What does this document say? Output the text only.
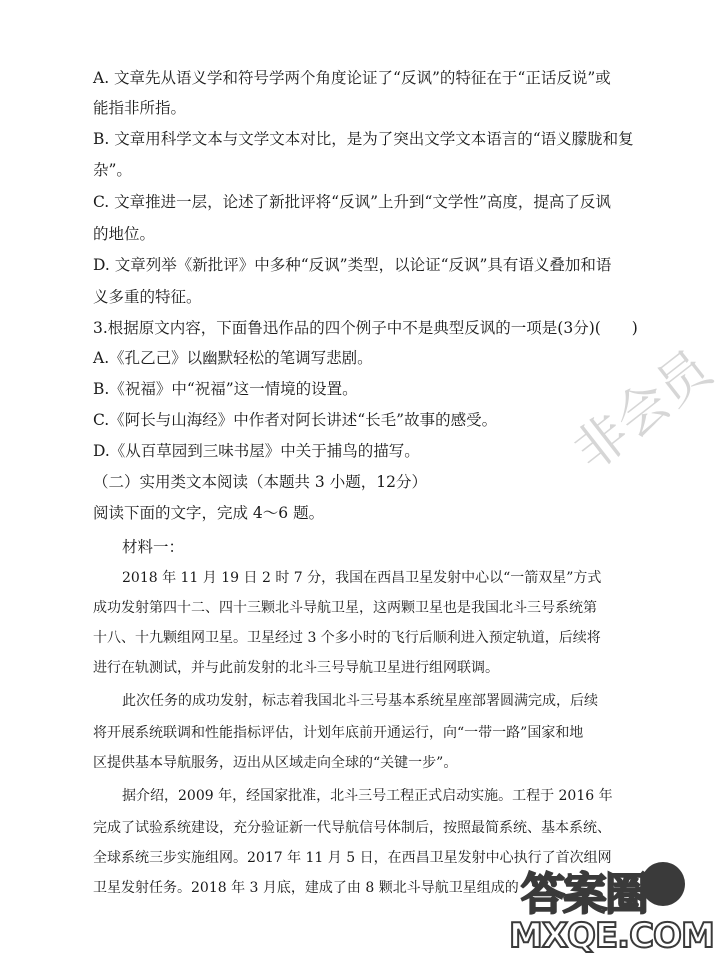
A. 文章先从语义学和符号学两个角度论证了“反讽”的特征在于“正话反说”或
能指非所指。
B. 文章用科学文本与文学文本对比，是为了突出文学文本语言的“语义朦胧和复
杂”。
C. 文章推进一层，论述了新批评将“反讽”上升到“文学性”高度，提高了反讽
的地位。
D. 文章列举《新批评》中多种“反讽”类型，以论证“反讽”具有语义叠加和语
义多重的特征。
3.根据原文内容，下面鲁迅作品的四个例子中不是典型反讽的一项是(3分)(　　)
A.《孔乙己》以幽默轻松的笔调写悲剧。
B.《祝福》中“祝福”这一情境的设置。
C.《阿长与山海经》中作者对阿长讲述“长毛”故事的感受。
D.《从百草园到三味书屋》中关于捕鸟的描写。
（二）实用类文本阅读（本题共 3 小题，12分）
阅读下面的文字，完成 4～6 题。
材料一：
2018 年 11 月 19 日 2 时 7 分，我国在西昌卫星发射中心以“一箭双星”方式
成功发射第四十二、四十三颗北斗导航卫星，这两颗卫星也是我国北斗三号系统第
十八、十九颗组网卫星。卫星经过 3 个多小时的飞行后顺利进入预定轨道，后续将
进行在轨测试，并与此前发射的北斗三号导航卫星进行组网联调。
此次任务的成功发射，标志着我国北斗三号基本系统星座部署圆满完成，后续
将开展系统联调和性能指标评估，计划年底前开通运行，向“一带一路”国家和地
区提供基本导航服务，迈出从区域走向全球的“关键一步”。
据介绍，2009 年，经国家批准，北斗三号工程正式启动实施。工程于 2016 年
完成了试验系统建设，充分验证新一代导航信号体制后，按照最简系统、基本系统、
全球系统三步实施组网。2017 年 11 月 5 日，在西昌卫星发射中心执行了首次组网
卫星发射任务。2018 年 3 月底，建成了由 8 颗北斗导航卫星组成的
非会员
答案圈
MXQE.COM
